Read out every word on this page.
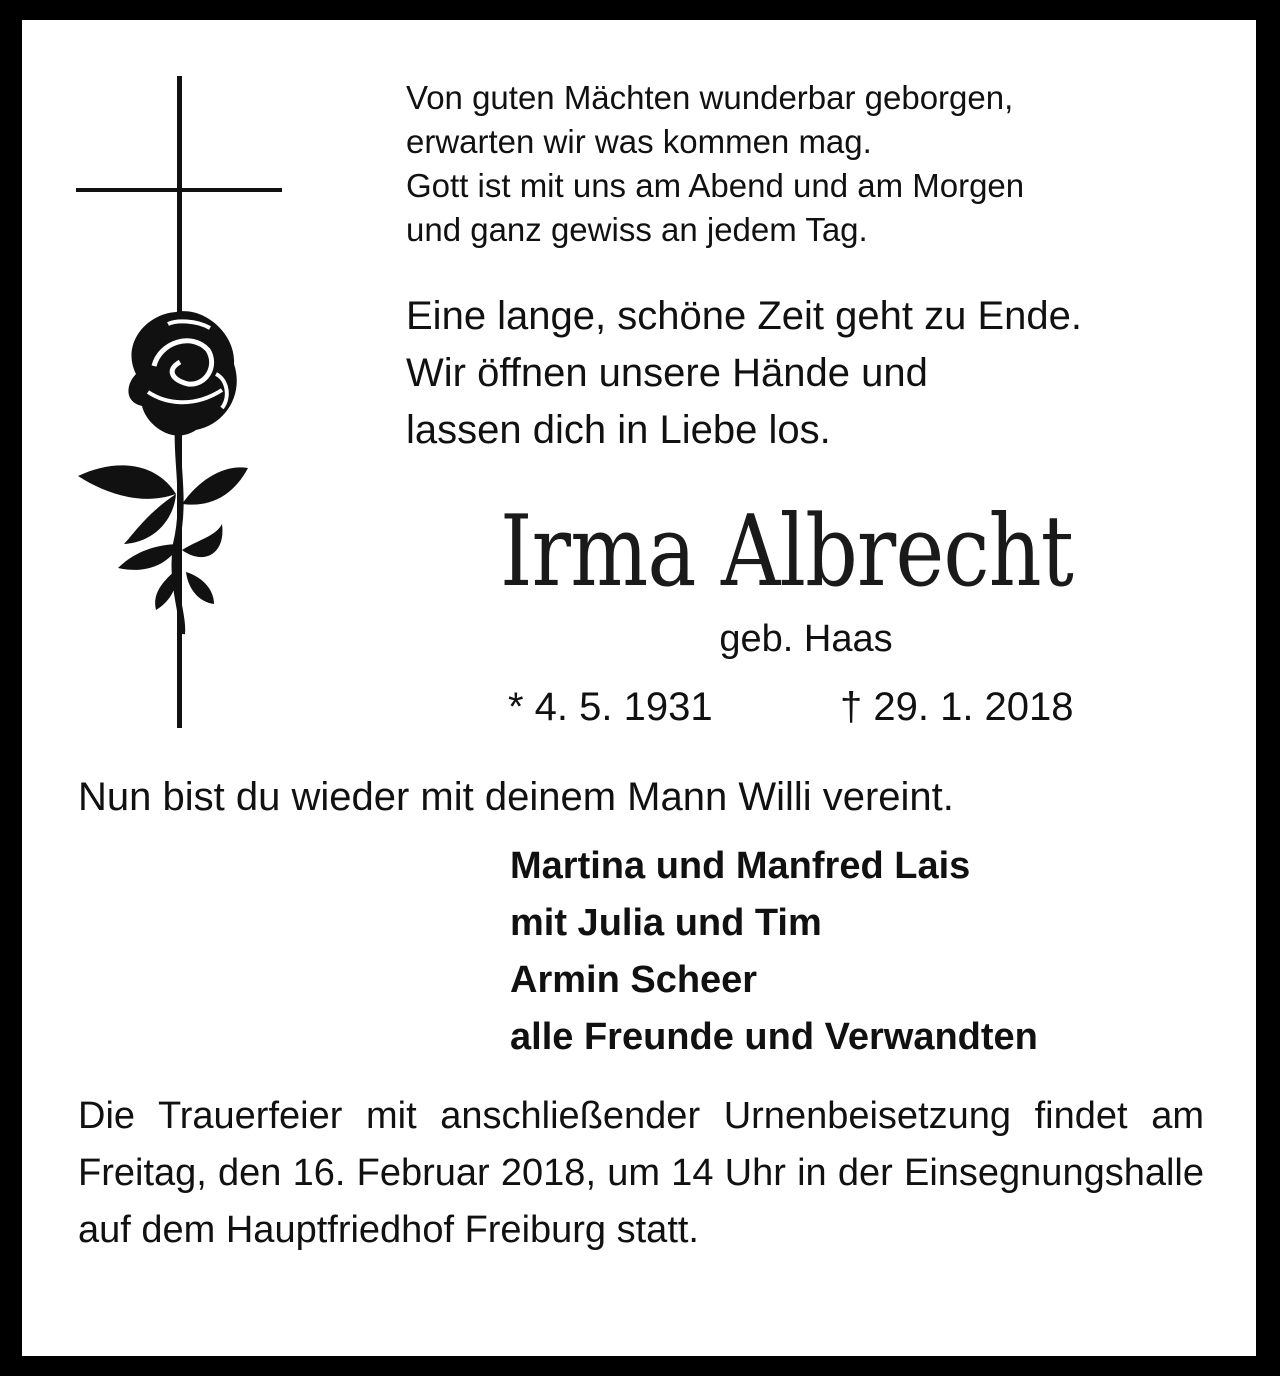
Von guten Mächten wunderbar geborgen,

erwarten wir was kommen mag.

Gott ist mit uns am Abend und am Morgen

und ganz gewiss an jedem Tag.

Eine lange, schöne Zeit geht zu Ende.

Wir öffnen unsere Hände und

lassen dich in Liebe los.

Irma Albrecht
geb. Haas
* 4. 5. 1931	† 29. 1. 2018
Nun bist du wieder mit deinem Mann Willi vereint.

Martina und Manfred Lais

mit Julia und Tim

Armin Scheer

alle Freunde und Verwandten

Die Trauerfeier mit anschließender Urnenbeisetzung findet am Freitag, den 16. Februar 2018, um 14 Uhr in der Einsegnungshalle auf dem Hauptfriedhof Freiburg statt.
